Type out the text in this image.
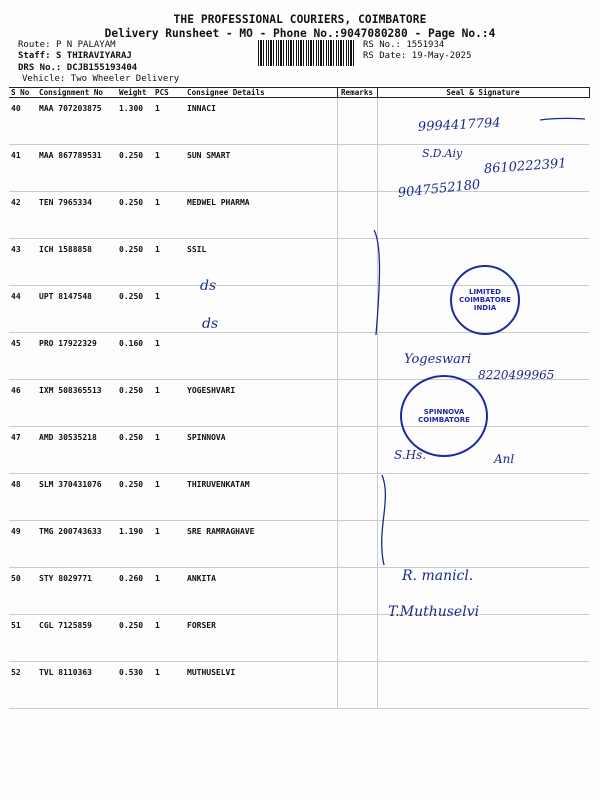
THE PROFESSIONAL COURIERS, COIMBATORE
Delivery Runsheet - MO - Phone No.:9047080280 - Page No.:4
Route: P N PALAYAM
Staff: S THIRAVIYARAJ
DRS No.: DCJB155193404
Vehicle: Two Wheeler Delivery
RS No.: 1551934
RS Date: 19-May-2025
S No	Consignment No	Weight	PCS	Consignee Details	Remarks	Seal & Signature
40	MAA 707203875	1.300	1	INNACI		
41	MAA 867789531	0.250	1	SUN SMART		
42	TEN 7965334	0.250	1	MEDWEL PHARMA		
43	ICH 1588858	0.250	1	SSIL		
44	UPT 8147548	0.250	1			
45	PRO 17922329	0.160	1			
46	IXM 508365513	0.250	1	YOGESHVARI		
47	AMD 30535218	0.250	1	SPINNOVA		
48	SLM 370431076	0.250	1	THIRUVENKATAM		
49	TMG 200743633	1.190	1	SRE RAMRAGHAVE		
50	STY 8029771	0.260	1	ANKITA		
51	CGL 7125859	0.250	1	FORSER		
52	TVL 8110363	0.530	1	MUTHUSELVI		
9994417794
S.D.Aiy
8610222391
9047552180
ds
ds
Yogeswari
8220499965
S.Hs.	Anl
R. manicl.
T.Muthuselvi
LIMITED COIMBATORE INDIA
SPINNOVA COIMBATORE
